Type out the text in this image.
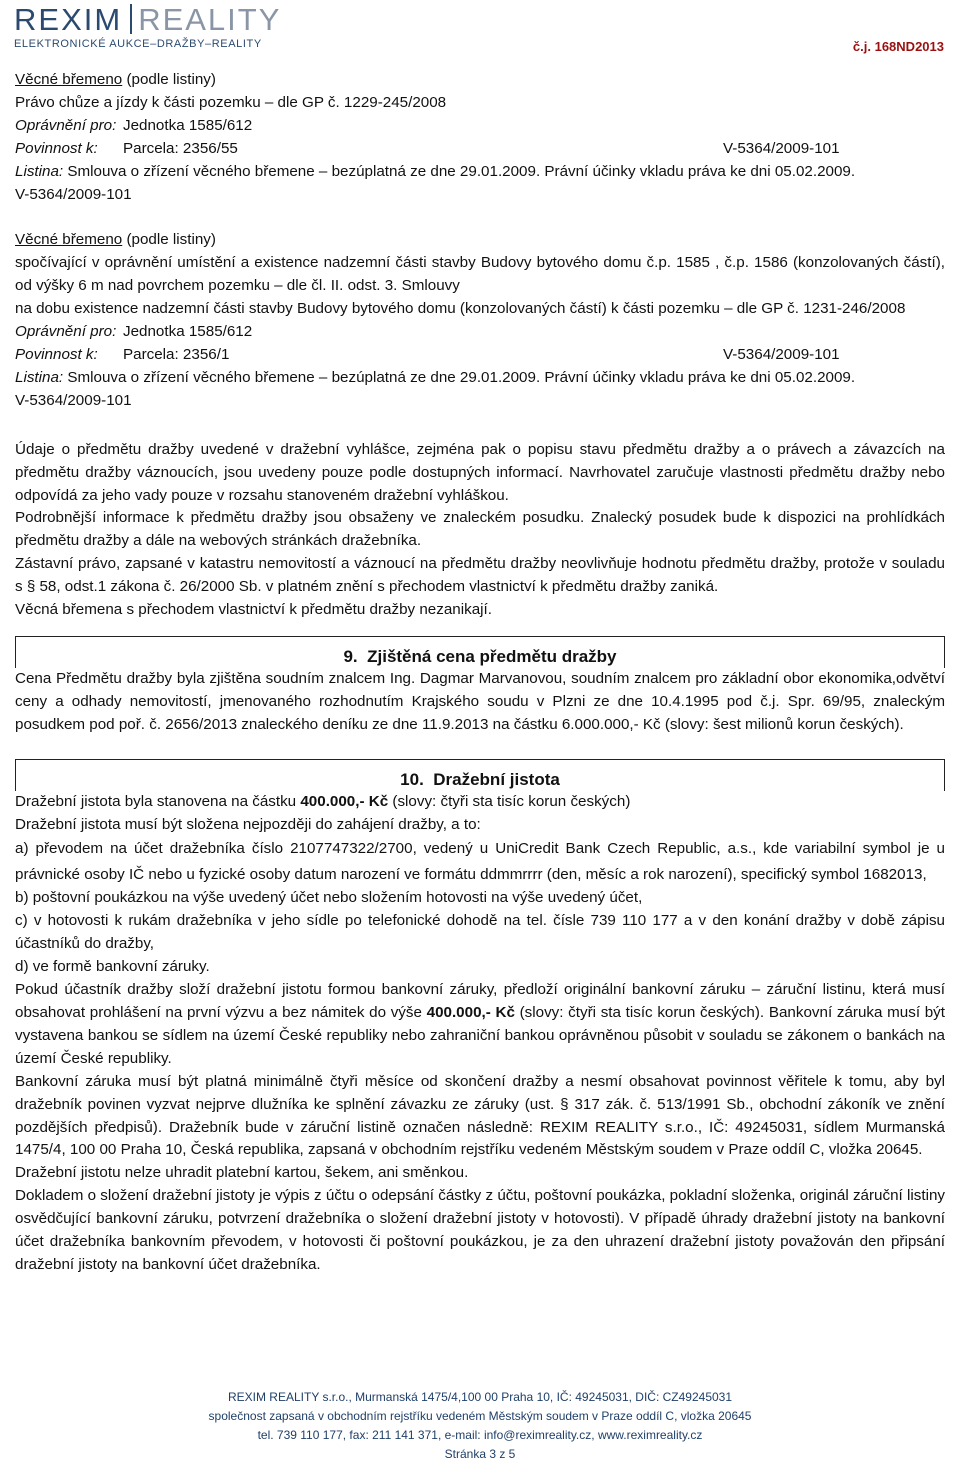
REXIM REALITY
ELEKTRONICKÉ AUKCE–DRAŽBY–REALITY	č.j. 168ND2013

Věcné břemeno (podle listiny)

Právo chůze a jízdy k části pozemku – dle GP č. 1229-245/2008

Oprávnění pro: Jednotka 1585/612
Povinnost k:	Parcela: 2356/55	V-5364/2009-101

Listina: Smlouva o zřízení věcného břemene – bezúplatná ze dne 29.01.2009. Právní účinky vkladu práva ke dni 05.02.2009.

V-5364/2009-101

Věcné břemeno (podle listiny)

spočívající v oprávnění umístění a existence nadzemní části stavby Budovy bytového domu č.p. 1585 , č.p. 1586 (konzolovaných částí), od výšky 6 m nad povrchem pozemku – dle čl. II. odst. 3. Smlouvy

na dobu existence nadzemní části stavby Budovy bytového domu (konzolovaných částí) k části pozemku – dle GP č. 1231-246/2008

Oprávnění pro: Jednotka 1585/612
Povinnost k:	Parcela: 2356/1	V-5364/2009-101

Listina: Smlouva o zřízení věcného břemene – bezúplatná ze dne 29.01.2009. Právní účinky vkladu práva ke dni 05.02.2009.

V-5364/2009-101

Údaje o předmětu dražby uvedené v dražební vyhlášce, zejména pak o popisu stavu předmětu dražby a o právech a závazcích na předmětu dražby váznoucích, jsou uvedeny pouze podle dostupných informací. Navrhovatel zaručuje vlastnosti předmětu dražby nebo odpovídá za jeho vady pouze v rozsahu stanoveném dražební vyhláškou.

Podrobnější informace k předmětu dražby jsou obsaženy ve znaleckém posudku. Znalecký posudek bude k dispozici na prohlídkách předmětu dražby a dále na webových stránkách dražebníka.

Zástavní právo, zapsané v katastru nemovitostí a váznoucí na předmětu dražby neovlivňuje hodnotu předmětu dražby, protože v souladu s § 58, odst.1 zákona č. 26/2000 Sb. v platném znění s přechodem vlastnictví k předmětu dražby zaniká.

Věcná břemena s přechodem vlastnictví k předmětu dražby nezanikají.

9. Zjištěná cena předmětu dražby

Cena Předmětu dražby byla zjištěna soudním znalcem Ing. Dagmar Marvanovou, soudním znalcem pro základní obor ekonomika,odvětví ceny a odhady nemovitostí, jmenovaného rozhodnutím Krajského soudu v Plzni ze dne 10.4.1995 pod č.j. Spr. 69/95, znaleckým posudkem pod poř. č. 2656/2013 znaleckého deníku ze dne 11.9.2013 na částku 6.000.000,- Kč (slovy: šest milionů korun českých).

10. Dražební jistota

Dražební jistota byla stanovena na částku 400.000,- Kč (slovy: čtyři sta tisíc korun českých)

Dražební jistota musí být složena nejpozději do zahájení dražby, a to:

a) převodem na účet dražebníka číslo 2107747322/2700, vedený u UniCredit Bank Czech Republic, a.s., kde variabilní symbol je u právnické osoby IČ nebo u fyzické osoby datum narození ve formátu ddmmrrrr (den, měsíc a rok narození), specifický symbol 1682013,

b) poštovní poukázkou na výše uvedený účet nebo složením hotovosti na výše uvedený účet,

c) v hotovosti k rukám dražebníka v jeho sídle po telefonické dohodě na tel. čísle 739 110 177 a v den konání dražby v době zápisu účastníků do dražby,

d) ve formě bankovní záruky.

Pokud účastník dražby složí dražební jistotu formou bankovní záruky, předloží originální bankovní záruku – záruční listinu, která musí obsahovat prohlášení na první výzvu a bez námitek do výše 400.000,- Kč (slovy: čtyři sta tisíc korun českých). Bankovní záruka musí být vystavena bankou se sídlem na území České republiky nebo zahraniční bankou oprávněnou působit v souladu se zákonem o bankách na území České republiky.

Bankovní záruka musí být platná minimálně čtyři měsíce od skončení dražby a nesmí obsahovat povinnost věřitele k tomu, aby byl dražebník povinen vyzvat nejprve dlužníka ke splnění závazku ze záruky (ust. § 317 zák. č. 513/1991 Sb., obchodní zákoník ve znění pozdějších předpisů). Dražebník bude v záruční listině označen následně: REXIM REALITY s.r.o., IČ: 49245031, sídlem Murmanská 1475/4, 100 00 Praha 10, Česká republika, zapsaná v obchodním rejstříku vedeném Městským soudem v Praze oddíl C, vložka 20645.

Dražební jistotu nelze uhradit platební kartou, šekem, ani směnkou.

Dokladem o složení dražební jistoty je výpis z účtu o odepsání částky z účtu, poštovní poukázka, pokladní složenka, originál záruční listiny osvědčující bankovní záruku, potvrzení dražebníka o složení dražební jistoty v hotovosti). V případě úhrady dražební jistoty na bankovní účet dražebníka bankovním převodem, v hotovosti či poštovní poukázkou, je za den uhrazení dražební jistoty považován den připsání dražební jistoty na bankovní účet dražebníka.

REXIM REALITY s.r.o., Murmanská 1475/4,100 00 Praha 10, IČ: 49245031, DIČ: CZ49245031
společnost zapsaná v obchodním rejstříku vedeném Městským soudem v Praze oddíl C, vložka 20645
tel. 739 110 177, fax: 211 141 371, e-mail: info@reximreality.cz, www.reximreality.cz
Stránka 3 z 5
